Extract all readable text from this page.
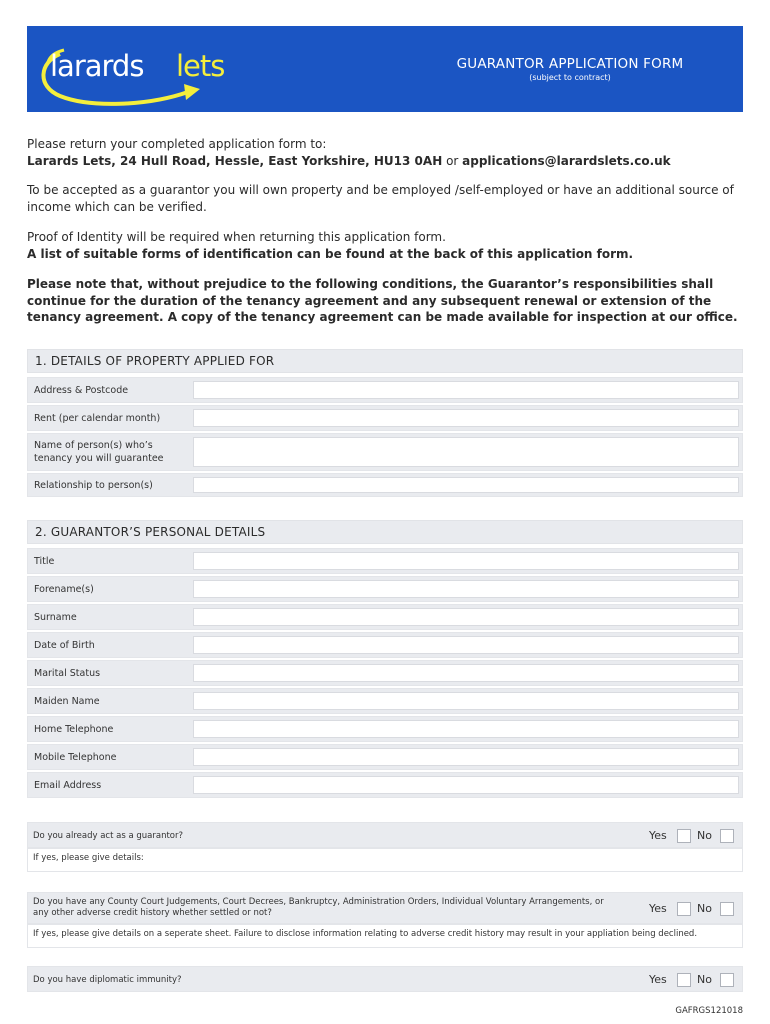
larards lets	GUARANTOR APPLICATION FORM
(subject to contract)
Please return your completed application form to:
Larards Lets, 24 Hull Road, Hessle, East Yorkshire, HU13 0AH or applications@larardslets.co.uk
To be accepted as a guarantor you will own property and be employed /self-employed or have an additional source of income which can be verified.
Proof of Identity will be required when returning this application form.
A list of suitable forms of identification can be found at the back of this application form.
Please note that, without prejudice to the following conditions, the Guarantor’s responsibilities shall continue for the duration of the tenancy agreement and any subsequent renewal or extension of the tenancy agreement. A copy of the tenancy agreement can be made available for inspection at our office.
1. DETAILS OF PROPERTY APPLIED FOR
Address & Postcode
Rent (per calendar month)
Name of person(s) who’s
tenancy you will guarantee
Relationship to person(s)
2. GUARANTOR’S PERSONAL DETAILS
Title
Forename(s)
Surname
Date of Birth
Marital Status
Maiden Name
Home Telephone
Mobile Telephone
Email Address
Do you already act as a guarantor?	Yes	No
If yes, please give details:
Do you have any County Court Judgements, Court Decrees, Bankruptcy, Administration Orders, Individual Voluntary Arrangements, or
any other adverse credit history whether settled or not?	Yes	No
If yes, please give details on a seperate sheet. Failure to disclose information relating to adverse credit history may result in your appliation being declined.
Do you have diplomatic immunity?	Yes	No
GAFRGS121018
